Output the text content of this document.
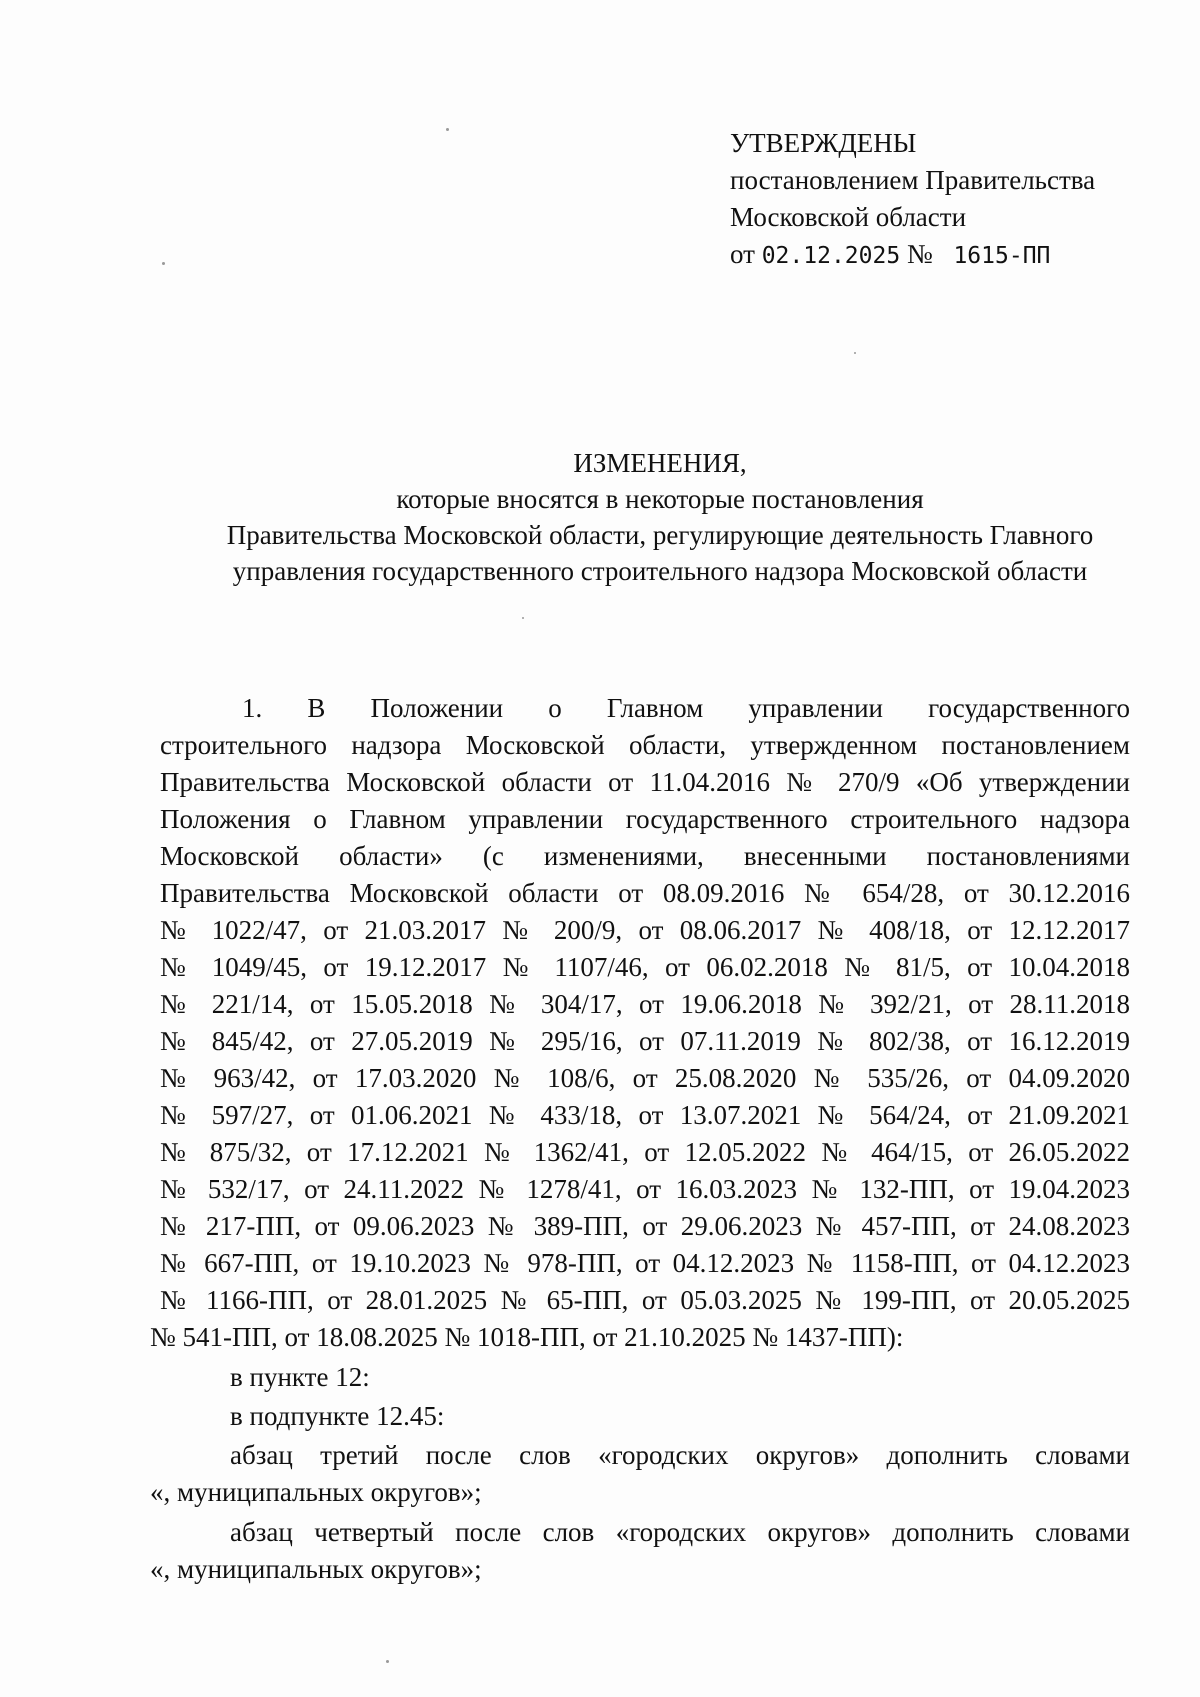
УТВЕРЖДЕНЫ
постановлением Правительства
Московской области
от 02.12.2025 № 1615-ПП
ИЗМЕНЕНИЯ,
которые вносятся в некоторые постановления
Правительства Московской области, регулирующие деятельность Главного
управления государственного строительного надзора Московской области
1. В Положении о Главном управлении государственного
строительного надзора Московской области, утвержденном постановлением
Правительства Московской области от 11.04.2016 № 270/9 «Об утверждении
Положения о Главном управлении государственного строительного надзора
Московской области» (с изменениями, внесенными постановлениями
Правительства Московской области от 08.09.2016 № 654/28, от 30.12.2016
№ 1022/47, от 21.03.2017 № 200/9, от 08.06.2017 № 408/18, от 12.12.2017
№ 1049/45, от 19.12.2017 № 1107/46, от 06.02.2018 № 81/5, от 10.04.2018
№ 221/14, от 15.05.2018 № 304/17, от 19.06.2018 № 392/21, от 28.11.2018
№ 845/42, от 27.05.2019 № 295/16, от 07.11.2019 № 802/38, от 16.12.2019
№ 963/42, от 17.03.2020 № 108/6, от 25.08.2020 № 535/26, от 04.09.2020
№ 597/27, от 01.06.2021 № 433/18, от 13.07.2021 № 564/24, от 21.09.2021
№ 875/32, от 17.12.2021 № 1362/41, от 12.05.2022 № 464/15, от 26.05.2022
№ 532/17, от 24.11.2022 № 1278/41, от 16.03.2023 № 132-ПП, от 19.04.2023
№ 217-ПП, от 09.06.2023 № 389-ПП, от 29.06.2023 № 457-ПП, от 24.08.2023
№ 667-ПП, от 19.10.2023 № 978-ПП, от 04.12.2023 № 1158-ПП, от 04.12.2023
№ 1166-ПП, от 28.01.2025 № 65-ПП, от 05.03.2025 № 199-ПП, от 20.05.2025
№ 541-ПП, от 18.08.2025 № 1018-ПП, от 21.10.2025 № 1437-ПП):
в пункте 12:
в подпункте 12.45:
абзац третий после слов «городских округов» дополнить словами
«, муниципальных округов»;
абзац четвертый после слов «городских округов» дополнить словами
«, муниципальных округов»;
